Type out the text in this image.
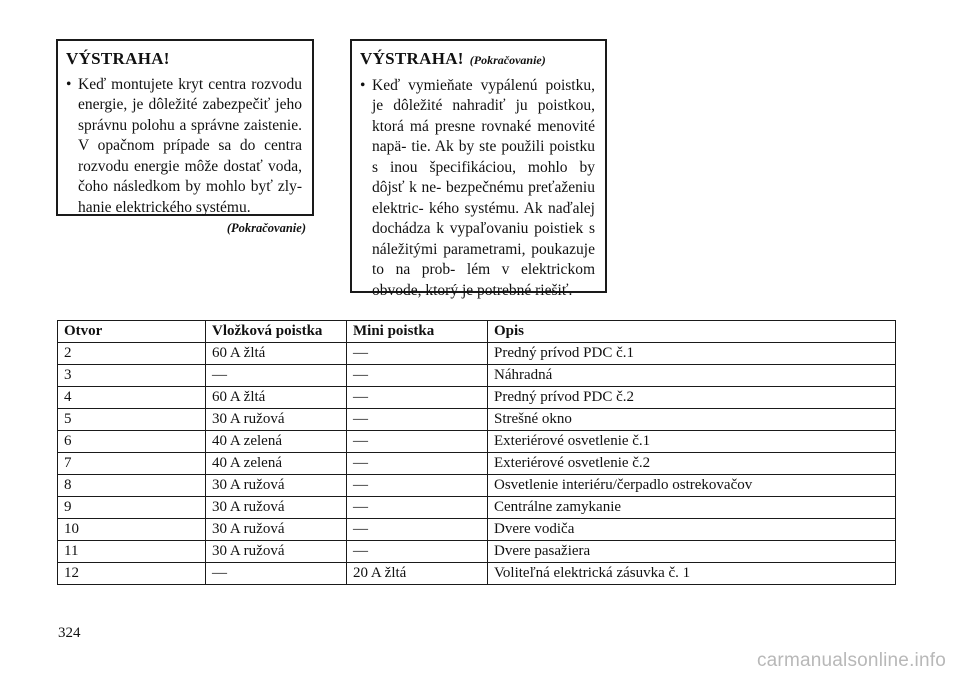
VÝSTRAHA!
• Keď montujete kryt centra rozvodu energie, je dôležité zabezpečiť jeho správnu polohu a správne zaistenie. V opačnom prípade sa do centra rozvodu energie môže dostať voda, čoho následkom by mohlo byť zly- hanie elektrického systému.
(Pokračovanie)
VÝSTRAHA! (Pokračovanie)
• Keď vymieňate vypálenú poistku, je dôležité nahradiť ju poistkou, ktorá má presne rovnaké menovité napä- tie. Ak by ste použili poistku s inou špecifikáciou, mohlo by dôjsť k ne- bezpečnému preťaženiu elektric- kého systému. Ak naďalej dochádza k vypaľovaniu poistiek s náležitými parametrami, poukazuje to na prob- lém v elektrickom obvode, ktorý je potrebné riešiť.
Otvor	Vložková poistka	Mini poistka	Opis
2	60 A žltá	—	Predný prívod PDC č.1
3	—	—	Náhradná
4	60 A žltá	—	Predný prívod PDC č.2
5	30 A ružová	—	Strešné okno
6	40 A zelená	—	Exteriérové osvetlenie č.1
7	40 A zelená	—	Exteriérové osvetlenie č.2
8	30 A ružová	—	Osvetlenie interiéru/čerpadlo ostrekovačov
9	30 A ružová	—	Centrálne zamykanie
10	30 A ružová	—	Dvere vodiča
11	30 A ružová	—	Dvere pasažiera
12	—	20 A žltá	Voliteľná elektrická zásuvka č. 1
324
carmanualsonline.info
